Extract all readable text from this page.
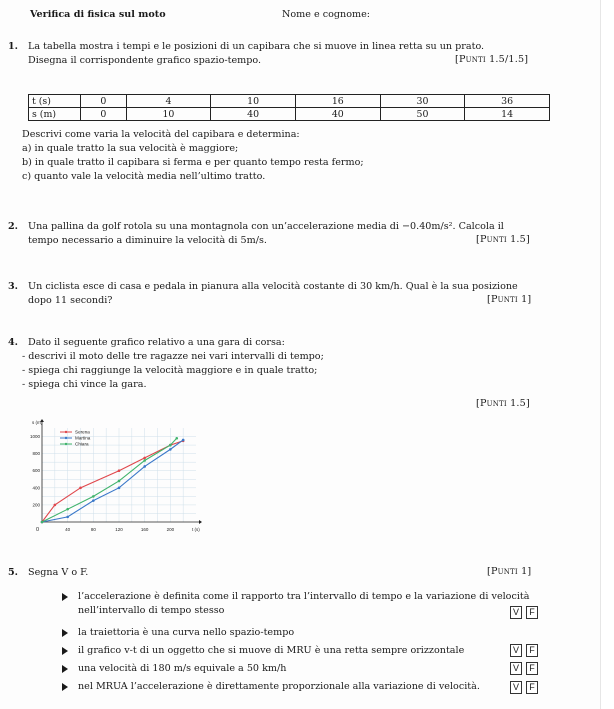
Verifica di fisica sul moto	Nome e cognome:
1. La tabella mostra i tempi e le posizioni di un capibara che si muove in linea retta su un prato.
Disegna il corrispondente grafico spazio-tempo.	[Punti 1.5/1.5]
t (s)	0	4	10	16	30	36
s (m)	0	10	40	40	50	14
Descrivi come varia la velocità del capibara e determina:
a) in quale tratto la sua velocità è maggiore;
b) in quale tratto il capibara si ferma e per quanto tempo resta fermo;
c) quanto vale la velocità media nell’ultimo tratto.
2. Una pallina da golf rotola su una montagnola con un’accelerazione media di −0.40m/s². Calcola il
tempo necessario a diminuire la velocità di 5m/s.	[Punti 1.5]
3. Un ciclista esce di casa e pedala in pianura alla velocità costante di 30 km/h. Qual è la sua posizione
dopo 11 secondi?	[Punti 1]
4. Dato il seguente grafico relativo a una gara di corsa:
- descrivi il moto delle tre ragazze nei vari intervalli di tempo;
- spiega chi raggiunge la velocità maggiore e in quale tratto;
- spiega chi vince la gara.
[Punti 1.5]
0	40	80	120	160	200
200
400
600
800
1000
t (s)
s (m)
Serena
Martina
Chiara
5. Segna V o F.	[Punti 1]
l’accelerazione è definita come il rapporto tra l’intervallo di tempo e la variazione di velocità
nell’intervallo di tempo stesso	V	F
la traiettoria è una curva nello spazio-tempo
il grafico v-t di un oggetto che si muove di MRU è una retta sempre orizzontale	V	F
una velocità di 180 m/s equivale a 50 km/h	V	F
nel MRUA l’accelerazione è direttamente proporzionale alla variazione di velocità.	V	F
